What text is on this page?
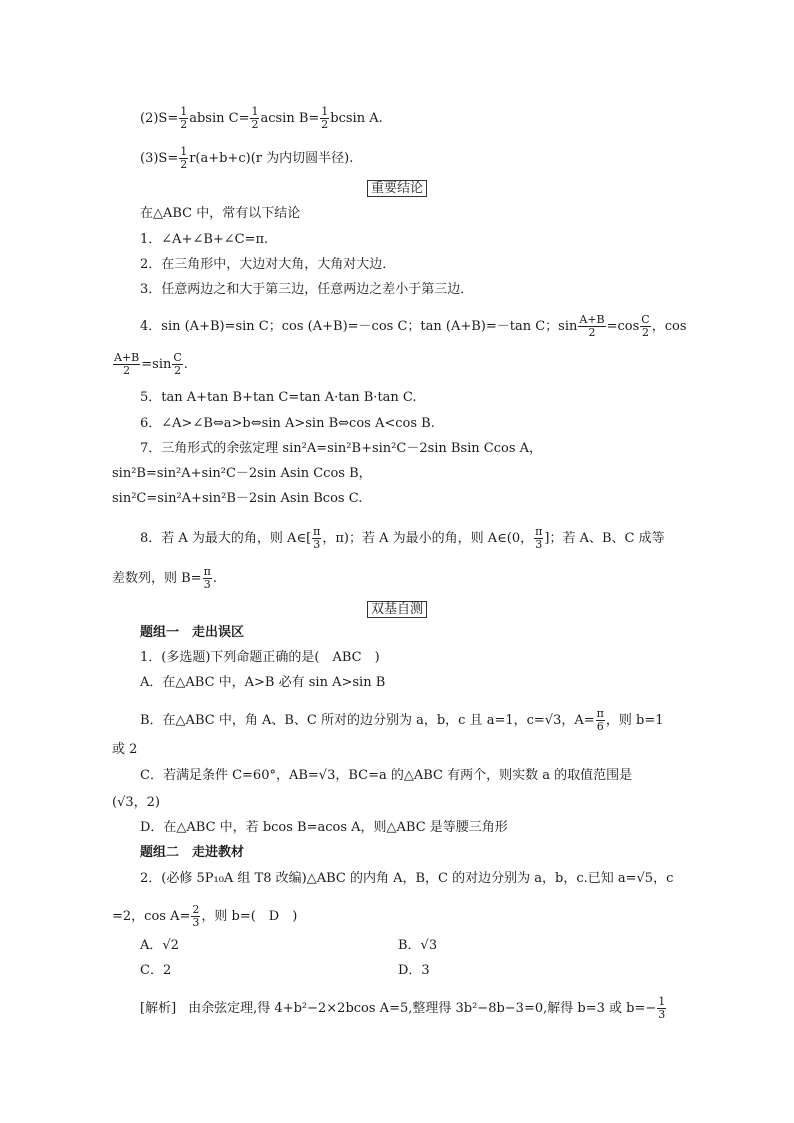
$(2)S= \frac{1}{2}$ absin $C= \frac{1}{2}$ acsin $B= \frac{1}{2}$ bcsin A.
$(3)S= \frac{1}{2} r(a+b+c)(r$ 为内切圆半径).
重要结论
在△ABC 中，常有以下结论
1．∠A+∠B+∠C=π.
2．在三角形中，大边对大角，大角对大边．
3．任意两边之和大于第三边，任意两边之差小于第三边．
4．sin (A+B)=sin C；cos (A+B)=－cos C；tan (A+B)=－tan C；$\sin \frac{A+B}{2} =\cos \frac{C}{2}$ ，cos
$\frac{A+B}{2} =\sin \frac{C}{2}$ .
5．tan A+tan B+tan C=tan A·tan B·tan C.
6．∠A>∠B⇔a>b⇔sin A>sin B⇔cos A<cos B.
7．三角形式的余弦定理 sin²A=sin²B+sin²C－2sin Bsin Ccos A，
sin²B=sin²A+sin²C－2sin Asin Ccos B，
sin²C=sin²A+sin²B－2sin Asin Bcos C.
8．若 A 为最大的角，则 A∈[ $\frac{\pi}{3}$ ，π)；若 A 为最小的角，则 A∈(0， $\frac{\pi}{3}$ ]；若 A、B、C 成等
差数列，则 $B= \frac{\pi}{3}$ .
双基自测
题组一　走出误区
1．(多选题)下列命题正确的是(　ABC　)
A．在△ABC 中，A>B 必有 sin A>sin B
B．在△ABC 中，角 A、B、C 所对的边分别为 a，b，c 且 a=1，c=√3，$A= \frac{\pi}{6}$ ，则 b=1
或 2
C．若满足条件 C=60°，AB=√3，BC=a 的△ABC 有两个，则实数 a 的取值范围是
(√3，2)
D．在△ABC 中，若 bcos B=acos A，则△ABC 是等腰三角形
题组二　走进教材
2．(必修 5P₁₀A 组 T8 改编)△ABC 的内角 A，B，C 的对边分别为 a，b，c.已知 a=√5，c
=2，$\cos A= \frac{2}{3}$ ，则 b=(　D　)
A．√2	B．√3
C．2	D．3
[解析] 由余弦定理,得 4+b²−2×2bcos A=5,整理得 3b²−8b−3=0,解得 b=3 或 $b=- \frac{1}{3}$
